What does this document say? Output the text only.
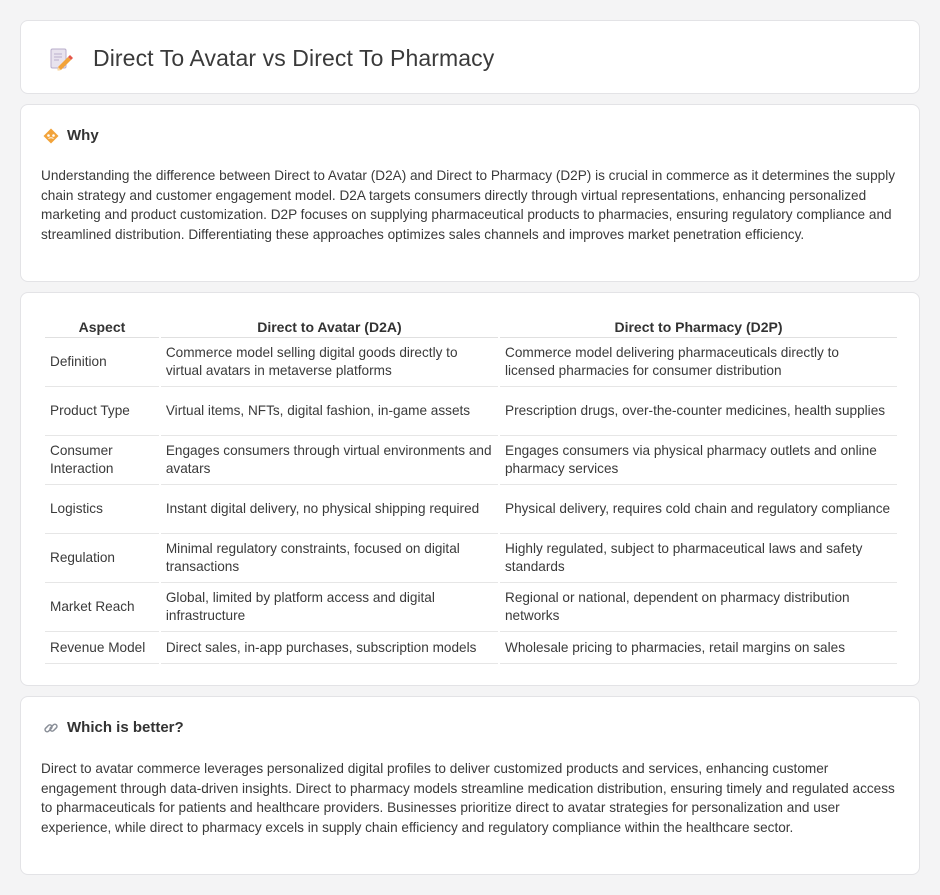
Direct To Avatar vs Direct To Pharmacy
Why

Understanding the difference between Direct to Avatar (D2A) and Direct to Pharmacy (D2P) is crucial in commerce as it determines the supply chain strategy and customer engagement model. D2A targets consumers directly through virtual representations, enhancing personalized marketing and product customization. D2P focuses on supplying pharmaceutical products to pharmacies, ensuring regulatory compliance and streamlined distribution. Differentiating these approaches optimizes sales channels and improves market penetration efficiency.

Aspect	Direct to Avatar (D2A)	Direct to Pharmacy (D2P)
Definition	Commerce model selling digital goods directly to virtual avatars in metaverse platforms	Commerce model delivering pharmaceuticals directly to licensed pharmacies for consumer distribution
Product Type	Virtual items, NFTs, digital fashion, in-game assets	Prescription drugs, over-the-counter medicines, health supplies
Consumer Interaction	Engages consumers through virtual environments and avatars	Engages consumers via physical pharmacy outlets and online pharmacy services
Logistics	Instant digital delivery, no physical shipping required	Physical delivery, requires cold chain and regulatory compliance
Regulation	Minimal regulatory constraints, focused on digital transactions	Highly regulated, subject to pharmaceutical laws and safety standards
Market Reach	Global, limited by platform access and digital infrastructure	Regional or national, dependent on pharmacy distribution networks
Revenue Model	Direct sales, in-app purchases, subscription models	Wholesale pricing to pharmacies, retail margins on sales
Which is better?

Direct to avatar commerce leverages personalized digital profiles to deliver customized products and services, enhancing customer engagement through data-driven insights. Direct to pharmacy models streamline medication distribution, ensuring timely and regulated access to pharmaceuticals for patients and healthcare providers. Businesses prioritize direct to avatar strategies for personalization and user experience, while direct to pharmacy excels in supply chain efficiency and regulatory compliance within the healthcare sector.
